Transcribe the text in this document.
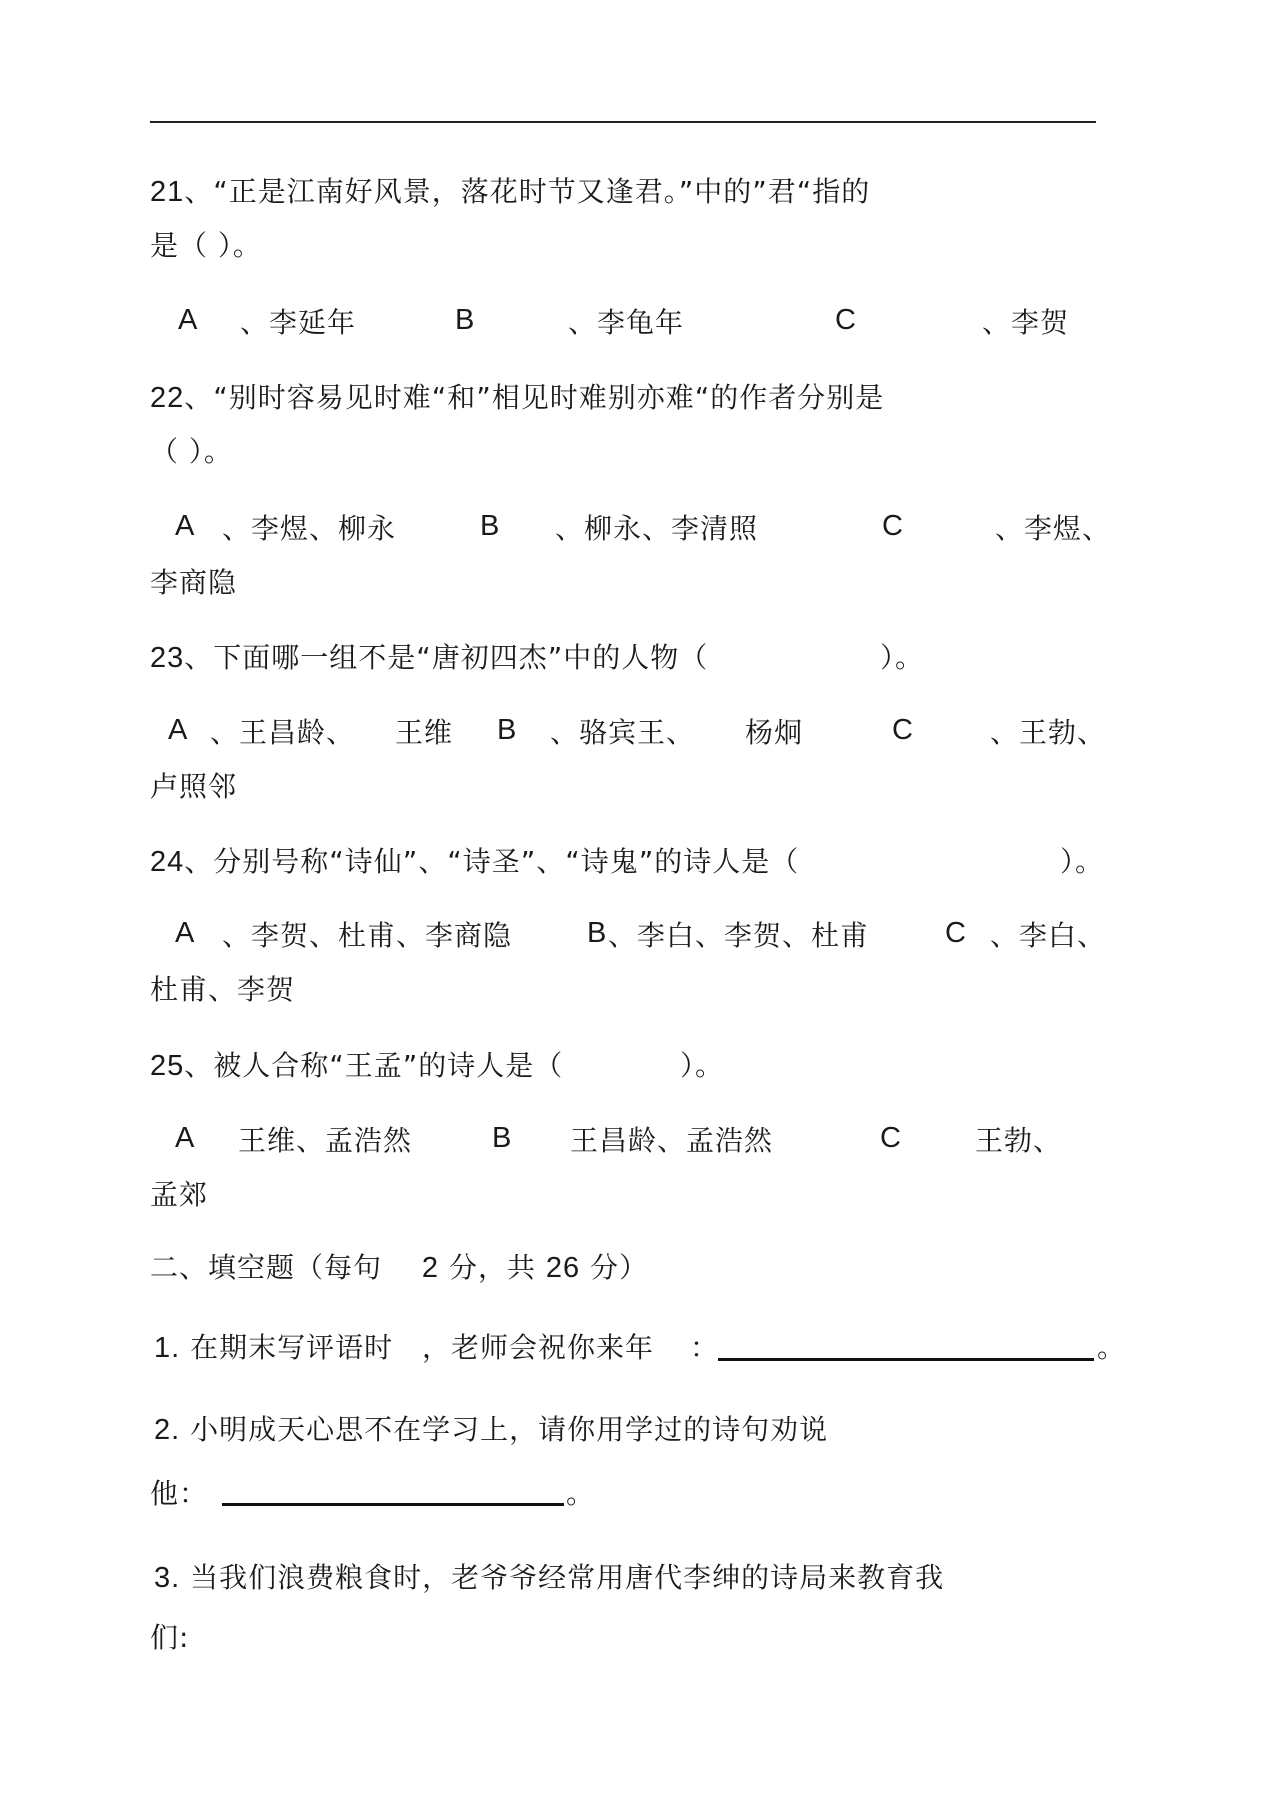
21、“正是江南好风景，落花时节又逢君。”中的”君“指的
是（ ）。
A 、李延年	B	、李龟年	C	、李贺
22、“别时容易见时难“和”相见时难别亦难“的作者分别是
（ ）。
A 、李煜、柳永	B 、柳永、李清照	C	、李煜、
李商隐
23、下面哪一组不是“唐初四杰”中的人物（	）。
A 、王昌龄、 王维 B 、骆宾王、 杨炯	C	、王勃、
卢照邻
24、分别号称“诗仙”、“诗圣”、“诗鬼”的诗人是（	）。
A 、李贺、杜甫、李商隐	B 、李白、李贺、杜甫	C 、李白、
杜甫、李贺
25、被人合称“王孟”的诗人是（	）。
A 王维、孟浩然	B 王昌龄、孟浩然	C	王勃、
孟郊
二、填空题（每句 2 分，共 26 分）
1. 在期末写评语时 ，老师会祝你来年 ：	。
2. 小明成天心思不在学习上，请你用学过的诗句劝说
他：	。
3. 当我们浪费粮食时，老爷爷经常用唐代李绅的诗局来教育我
们:
